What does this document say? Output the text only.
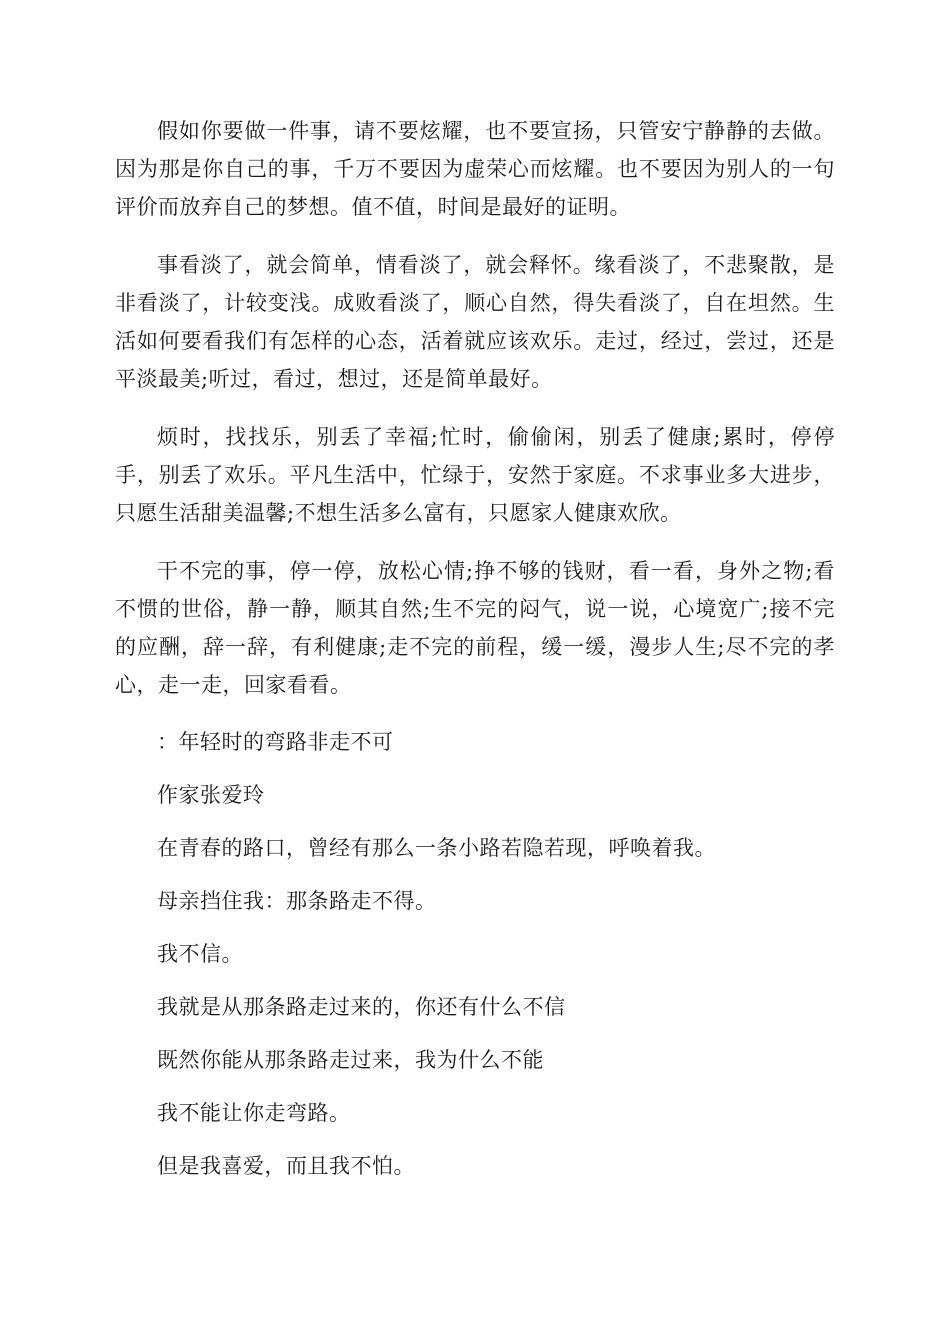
假如你要做一件事，请不要炫耀，也不要宣扬，只管安宁静静的去做。因为那是你自己的事，千万不要因为虚荣心而炫耀。也不要因为别人的一句评价而放弃自己的梦想。值不值，时间是最好的证明。

事看淡了，就会简单，情看淡了，就会释怀。缘看淡了，不悲聚散，是非看淡了，计较变浅。成败看淡了，顺心自然，得失看淡了，自在坦然。生活如何要看我们有怎样的心态，活着就应该欢乐。走过，经过，尝过，还是平淡最美;听过，看过，想过，还是简单最好。

烦时，找找乐，别丢了幸福;忙时，偷偷闲，别丢了健康;累时，停停手，别丢了欢乐。平凡生活中，忙绿于，安然于家庭。不求事业多大进步，只愿生活甜美温馨;不想生活多么富有，只愿家人健康欢欣。

干不完的事，停一停，放松心情;挣不够的钱财，看一看，身外之物;看不惯的世俗，静一静，顺其自然;生不完的闷气，说一说，心境宽广;接不完的应酬，辞一辞，有利健康;走不完的前程，缓一缓，漫步人生;尽不完的孝心，走一走，回家看看。

：年轻时的弯路非走不可

作家张爱玲

在青春的路口，曾经有那么一条小路若隐若现，呼唤着我。

母亲挡住我：那条路走不得。

我不信。

我就是从那条路走过来的，你还有什么不信

既然你能从那条路走过来，我为什么不能

我不能让你走弯路。

但是我喜爱，而且我不怕。
